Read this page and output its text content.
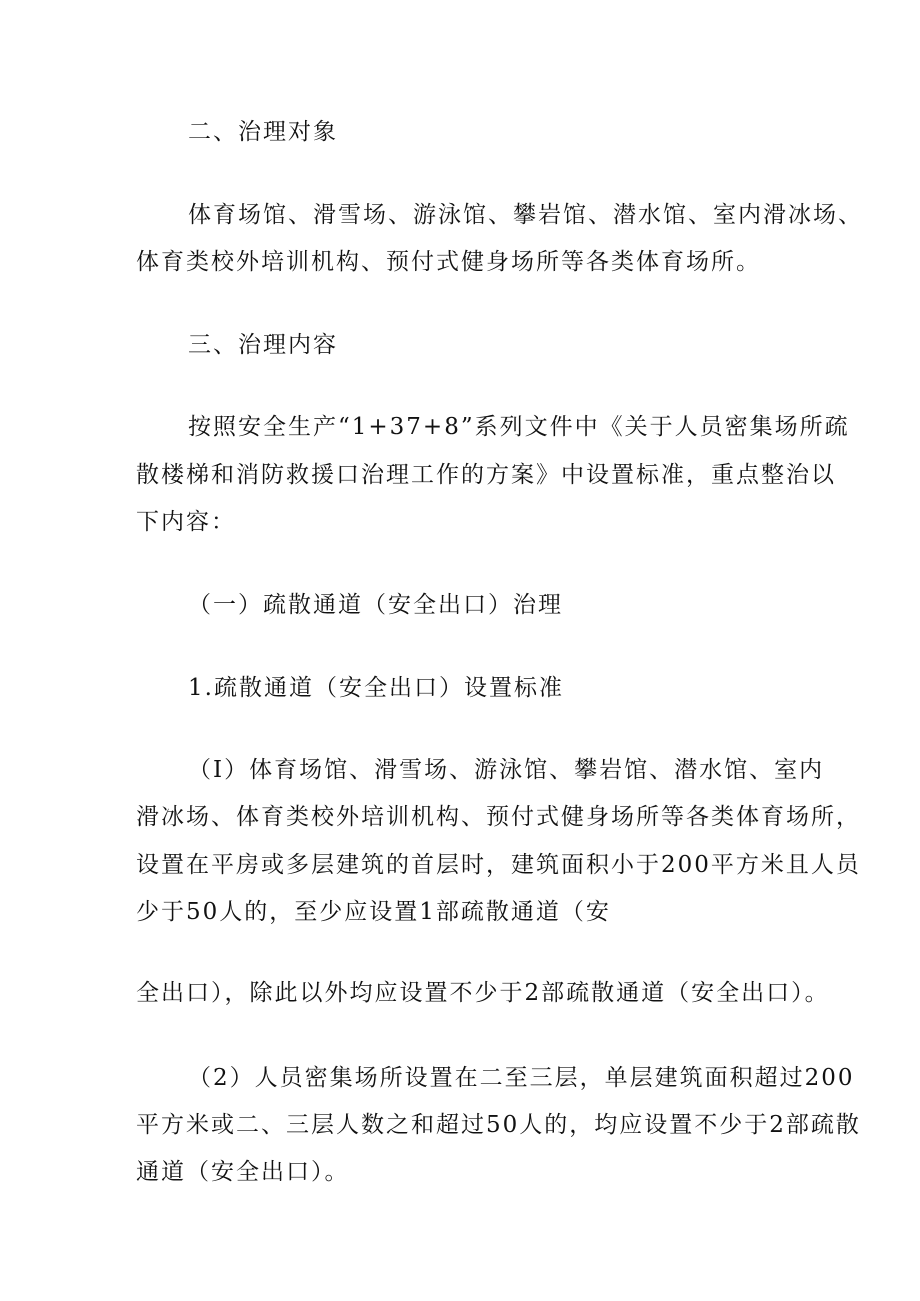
二、治理对象
体育场馆、滑雪场、游泳馆、攀岩馆、潜水馆、室内滑冰场、
体育类校外培训机构、预付式健身场所等各类体育场所。
三、治理内容
按照安全生产“1+37+8”系列文件中《关于人员密集场所疏
散楼梯和消防救援口治理工作的方案》中设置标准，重点整治以
下内容：
（一）疏散通道（安全出口）治理
1.疏散通道（安全出口）设置标准
（I）体育场馆、滑雪场、游泳馆、攀岩馆、潜水馆、室内
滑冰场、体育类校外培训机构、预付式健身场所等各类体育场所，
设置在平房或多层建筑的首层时，建筑面积小于200平方米且人员
少于50人的，至少应设置1部疏散通道（安
全出口），除此以外均应设置不少于2部疏散通道（安全出口）。
（2）人员密集场所设置在二至三层，单层建筑面积超过200
平方米或二、三层人数之和超过50人的，均应设置不少于2部疏散
通道（安全出口）。
